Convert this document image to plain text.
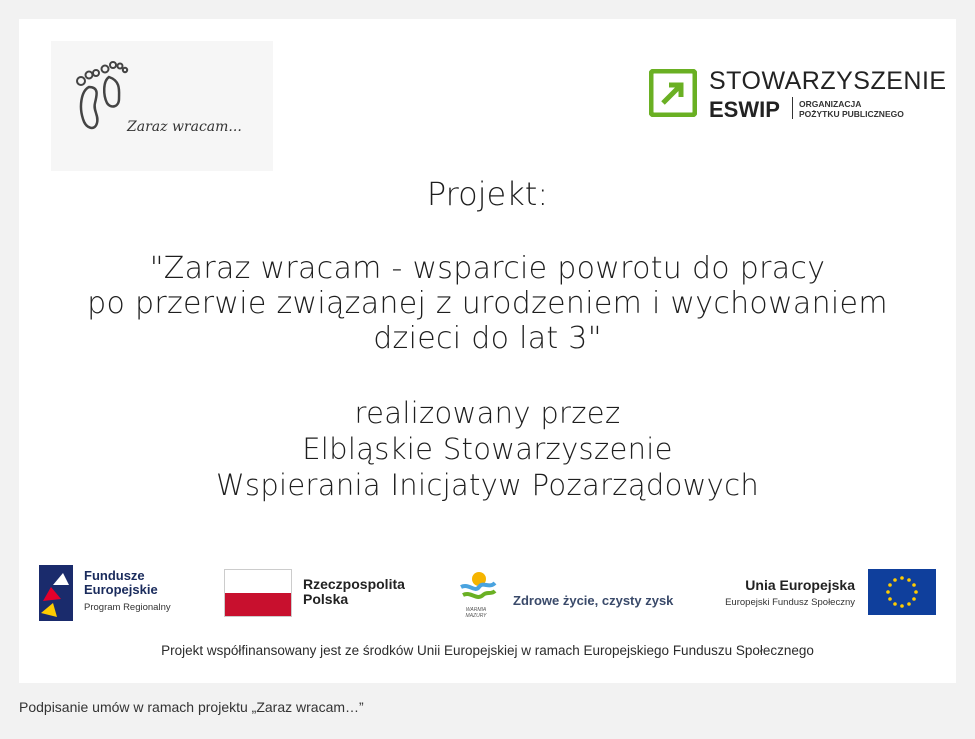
Zaraz wracam...
STOWARZYSZENIE
ESWIP ORGANIZACJA
POŻYTKU PUBLICZNEGO
Projekt:
"Zaraz wracam - wsparcie powrotu do pracy
po przerwie związanej z urodzeniem i wychowaniem
dzieci do lat 3"
realizowany przez
Elbląskie Stowarzyszenie
Wspierania Inicjatyw Pozarządowych
Fundusze
Europejskie
Program Regionalny
Rzeczpospolita
Polska
WARMIA
MAZURY
Zdrowe życie, czysty zysk
Unia Europejska
Europejski Fundusz Społeczny
Projekt współfinansowany jest ze środków Unii Europejskiej w ramach Europejskiego Funduszu Społecznego
Podpisanie umów w ramach projektu „Zaraz wracam…”
